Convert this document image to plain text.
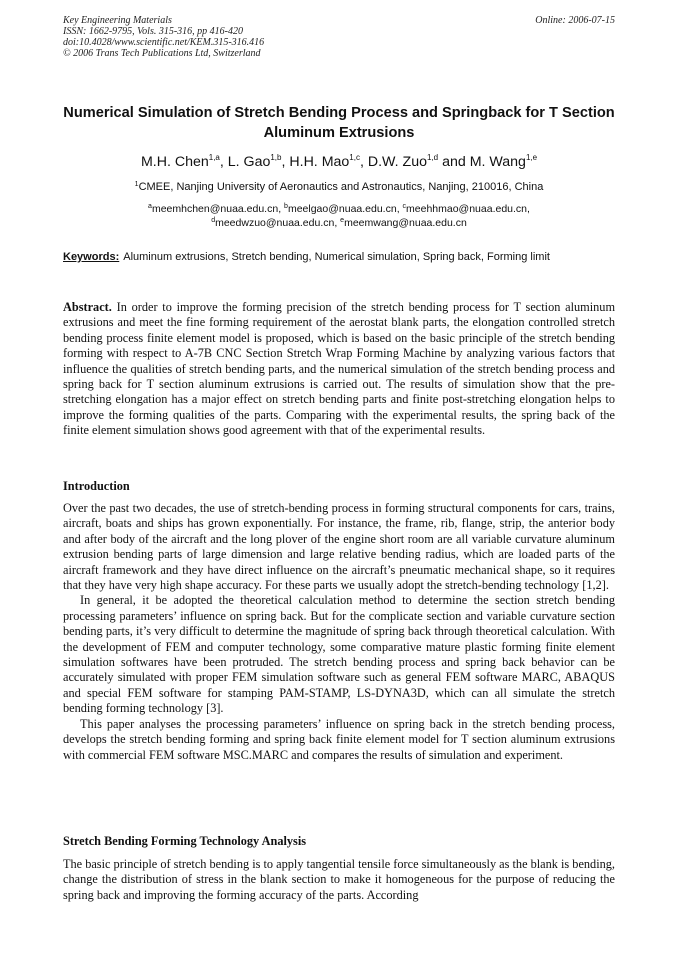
Key Engineering Materials
ISSN: 1662-9795, Vols. 315-316, pp 416-420
doi:10.4028/www.scientific.net/KEM.315-316.416
© 2006 Trans Tech Publications Ltd, Switzerland
Online: 2006-07-15
Numerical Simulation of Stretch Bending Process and Springback for T Section Aluminum Extrusions
M.H. Chen$^{1,a}$, L. Gao$^{1,b}$, H.H. Mao$^{1,c}$, D.W. Zuo$^{1,d}$ and M. Wang$^{1,e}$
$^1$CMEE, Nanjing University of Aeronautics and Astronautics, Nanjing, 210016, China
$^a$meemhchen@nuaa.edu.cn, $^b$meelgao@nuaa.edu.cn, $^c$meehhmao@nuaa.edu.cn,
$^d$meedwzuo@nuaa.edu.cn, $^e$meemwang@nuaa.edu.cn
Keywords: Aluminum extrusions, Stretch bending, Numerical simulation, Spring back, Forming limit

Abstract. In order to improve the forming precision of the stretch bending process for T section aluminum extrusions and meet the fine forming requirement of the aerostat blank parts, the elongation controlled stretch bending process finite element model is proposed, which is based on the basic principle of the stretch bending forming with respect to A-7B CNC Section Stretch Wrap Forming Machine by analyzing various factors that influence the qualities of stretch bending parts, and the numerical simulation of the stretch bending process and spring back for T section aluminum extrusions is carried out. The results of simulation show that the pre-stretching elongation has a major effect on stretch bending parts and finite post-stretching elongation helps to improve the forming qualities of the parts. Comparing with the experimental results, the spring back of the finite element simulation shows good agreement with that of the experimental results.

Introduction

Over the past two decades, the use of stretch-bending process in forming structural components for cars, trains, aircraft, boats and ships has grown exponentially. For instance, the frame, rib, flange, strip, the anterior body and after body of the aircraft and the long plover of the engine short room are all variable curvature aluminum extrusion bending parts of large dimension and large relative bending radius, which are loaded parts of the aircraft framework and they have direct influence on the aircraft’s pneumatic mechanical shape, so it requires that they have very high shape accuracy. For these parts we usually adopt the stretch-bending technology [1,2].

In general, it be adopted the theoretical calculation method to determine the section stretch bending processing parameters’ influence on spring back. But for the complicate section and variable curvature section bending parts, it’s very difficult to determine the magnitude of spring back through theoretical calculation. With the development of FEM and computer technology, some comparative mature plastic forming finite element simulation softwares have been protruded. The stretch bending process and spring back behavior can be accurately simulated with proper FEM simulation software such as general FEM software MARC, ABAQUS and special FEM software for stamping PAM-STAMP, LS-DYNA3D, which can all simulate the stretch bending forming technology [3].

This paper analyses the processing parameters’ influence on spring back in the stretch bending process, develops the stretch bending forming and spring back finite element model for T section aluminum extrusions with commercial FEM software MSC.MARC and compares the results of simulation and experiment.

Stretch Bending Forming Technology Analysis

The basic principle of stretch bending is to apply tangential tensile force simultaneously as the blank is bending, change the distribution of stress in the blank section to make it homogeneous for the purpose of reducing the spring back and improving the forming accuracy of the parts. According
